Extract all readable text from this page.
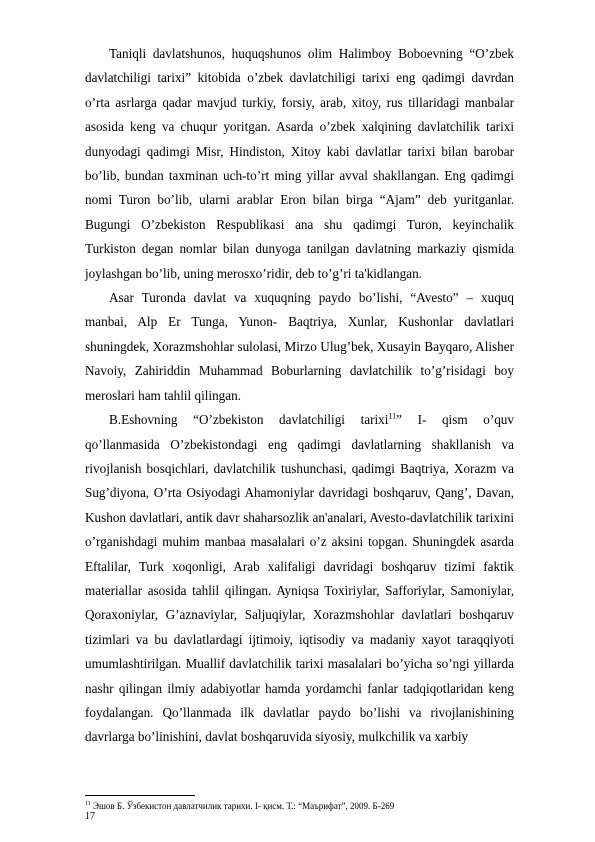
Taniqli davlatshunos, huquqshunos olim Halimboy Boboevning “O’zbek davlatchiligi tarixi” kitobida o’zbek davlatchiligi tarixi eng qadimgi davrdan o’rta asrlarga qadar mavjud turkiy, forsiy, arab, xitoy, rus tillaridagi manbalar asosida keng va chuqur yoritgan. Asarda o’zbek xalqining davlatchilik tarixi dunyodagi qadimgi Misr, Hindiston, Xitoy kabi davlatlar tarixi bilan barobar bo’lib, bundan taxminan uch-to’rt ming yillar avval shakllangan. Eng qadimgi nomi Turon bo’lib, ularni arablar Eron bilan birga “Ajam” deb yuritganlar. Bugungi O’zbekiston Respublikasi ana shu qadimgi Turon, keyinchalik Turkiston degan nomlar bilan dunyoga tanilgan davlatning markaziy qismida joylashgan bo’lib, uning merosxo’ridir, deb to’g’ri ta'kidlangan.

Asar Turonda davlat va xuquqning paydo bo’lishi, “Avesto” – xuquq manbai, Alp Er Tunga, Yunon- Baqtriya, Xunlar, Kushonlar davlatlari shuningdek, Xorazmshohlar sulolasi, Mirzo Ulug’bek, Xusayin Bayqaro, Alisher Navoiy, Zahiriddin Muhammad Boburlarning davlatchilik to’g’risidagi boy meroslari ham tahlil qilingan.

B.Eshovning “O’zbekiston davlatchiligi tarixi$^{11}$” I- qism o’quv qo’llanmasida O’zbekistondagi eng qadimgi davlatlarning shakllanish va rivojlanish bosqichlari, davlatchilik tushunchasi, qadimgi Baqtriya, Xorazm va Sug’diyona, O’rta Osiyodagi Ahamoniylar davridagi boshqaruv, Qang’, Davan, Kushon davlatlari, antik davr shaharsozlik an'analari, Avesto-davlatchilik tarixini o’rganishdagi muhim manbaa masalalari o’z aksini topgan. Shuningdek asarda Eftalilar, Turk xoqonligi, Arab xalifaligi davridagi boshqaruv tizimi faktik materiallar asosida tahlil qilingan. Ayniqsa Toxiriylar, Safforiylar, Samoniylar, Qoraxoniylar, G’aznaviylar, Saljuqiylar, Xorazmshohlar davlatlari boshqaruv tizimlari va bu davlatlardagi ijtimoiy, iqtisodiy va madaniy xayot taraqqiyoti umumlashtirilgan. Muallif davlatchilik tarixi masalalari bo’yicha so’ngi yillarda nashr qilingan ilmiy adabiyotlar hamda yordamchi fanlar tadqiqotlaridan keng foydalangan. Qo’llanmada ilk davlatlar paydo bo’lishi va rivojlanishining davrlarga bo’linishini, davlat boshqaruvida siyosiy, mulkchilik va xarbiy

$^{11}$ Эшов Б. Ўзбекистон давлатчилик тарихи. I- қисм. Т.: “Маърифат”, 2009. Б-269
17
